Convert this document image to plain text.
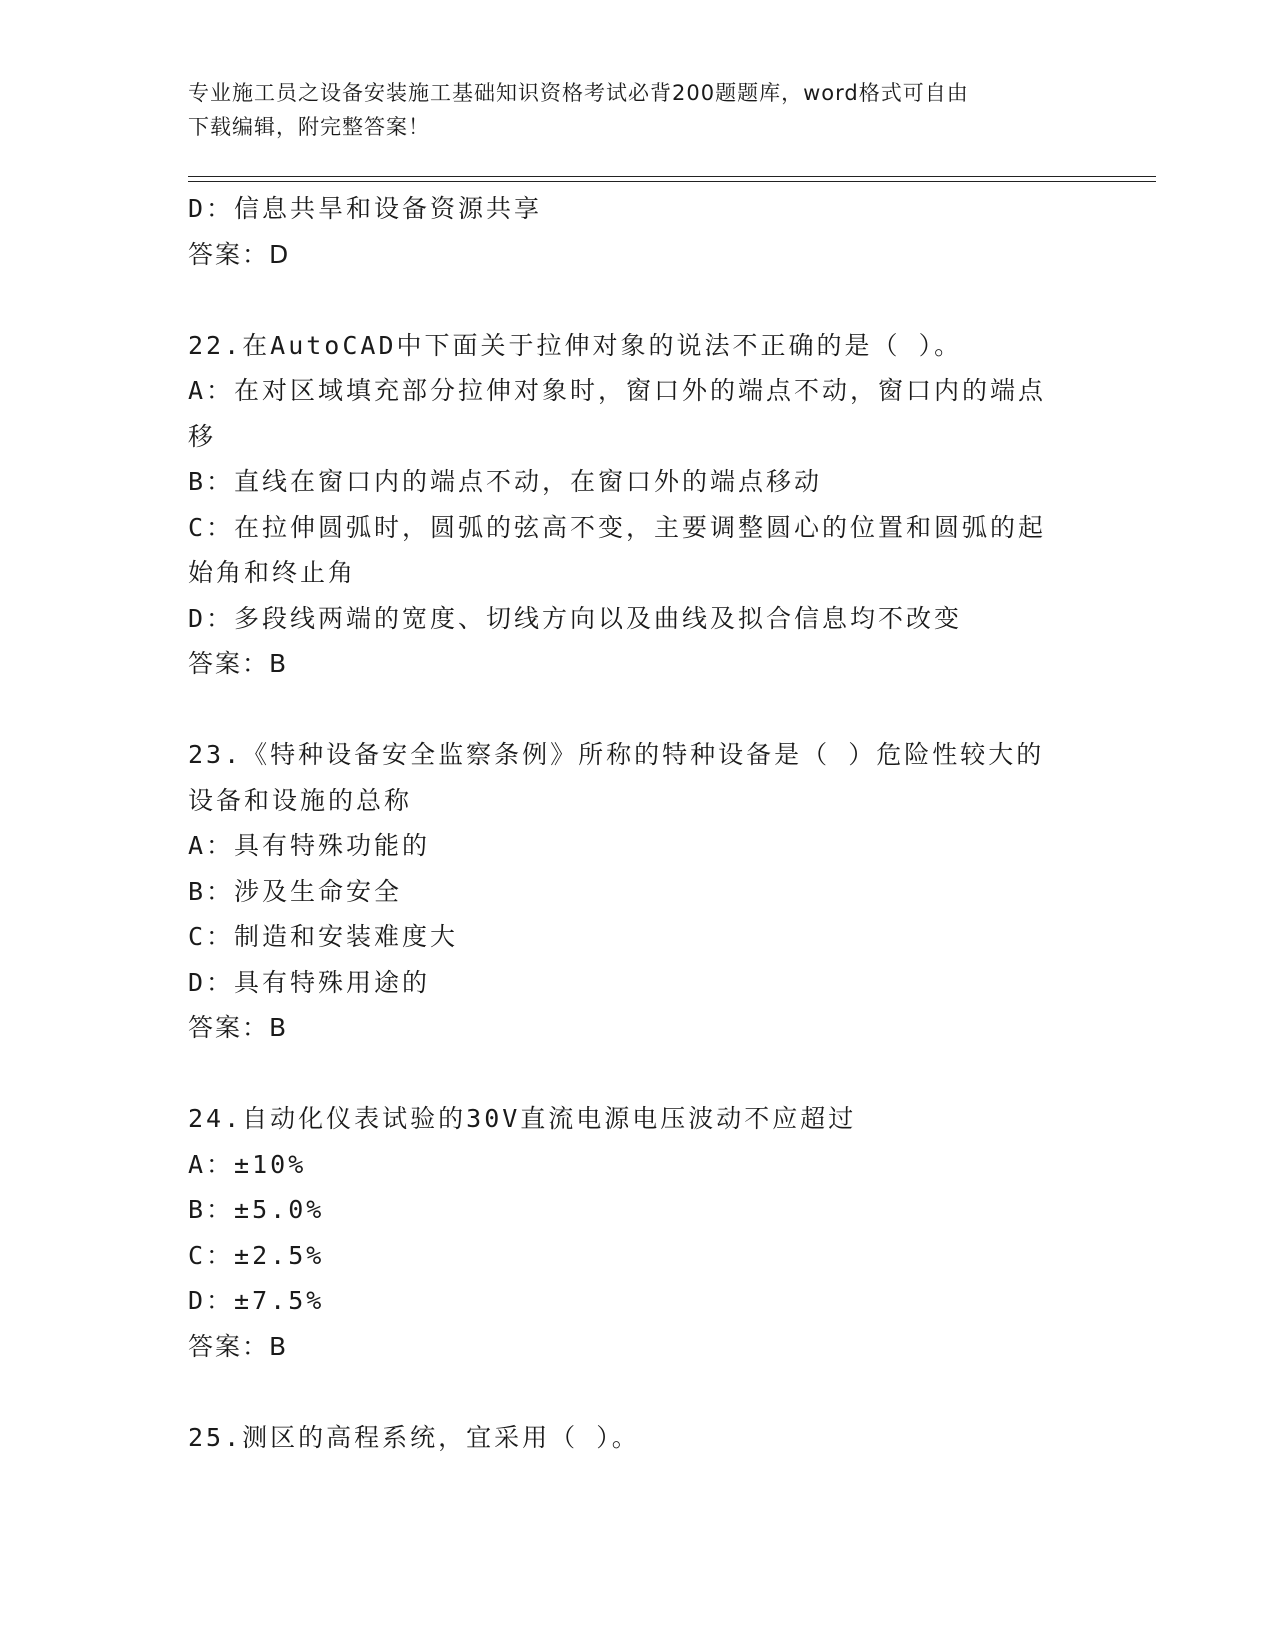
专业施工员之设备安装施工基础知识资格考试必背200题题库，word格式可自由
下载编辑，附完整答案！

D：信息共旱和设备资源共享

答案：D

22.在AutoCAD中下面关于拉伸对象的说法不正确的是（ ）。

A：在对区域填充部分拉伸对象时，窗口外的端点不动，窗口内的端点

移

B：直线在窗口内的端点不动，在窗口外的端点移动

C：在拉伸圆弧时，圆弧的弦高不变，主要调整圆心的位置和圆弧的起

始角和终止角

D：多段线两端的宽度、切线方向以及曲线及拟合信息均不改变

答案：B

23.《特种设备安全监察条例》所称的特种设备是（ ）危险性较大的

设备和设施的总称

A：具有特殊功能的

B：涉及生命安全

C：制造和安装难度大

D：具有特殊用途的

答案：B

24.自动化仪表试验的30V直流电源电压波动不应超过

A：±10%

B：±5.0%

C：±2.5%

D：±7.5%

答案：B

25.测区的高程系统，宜采用（ ）。
